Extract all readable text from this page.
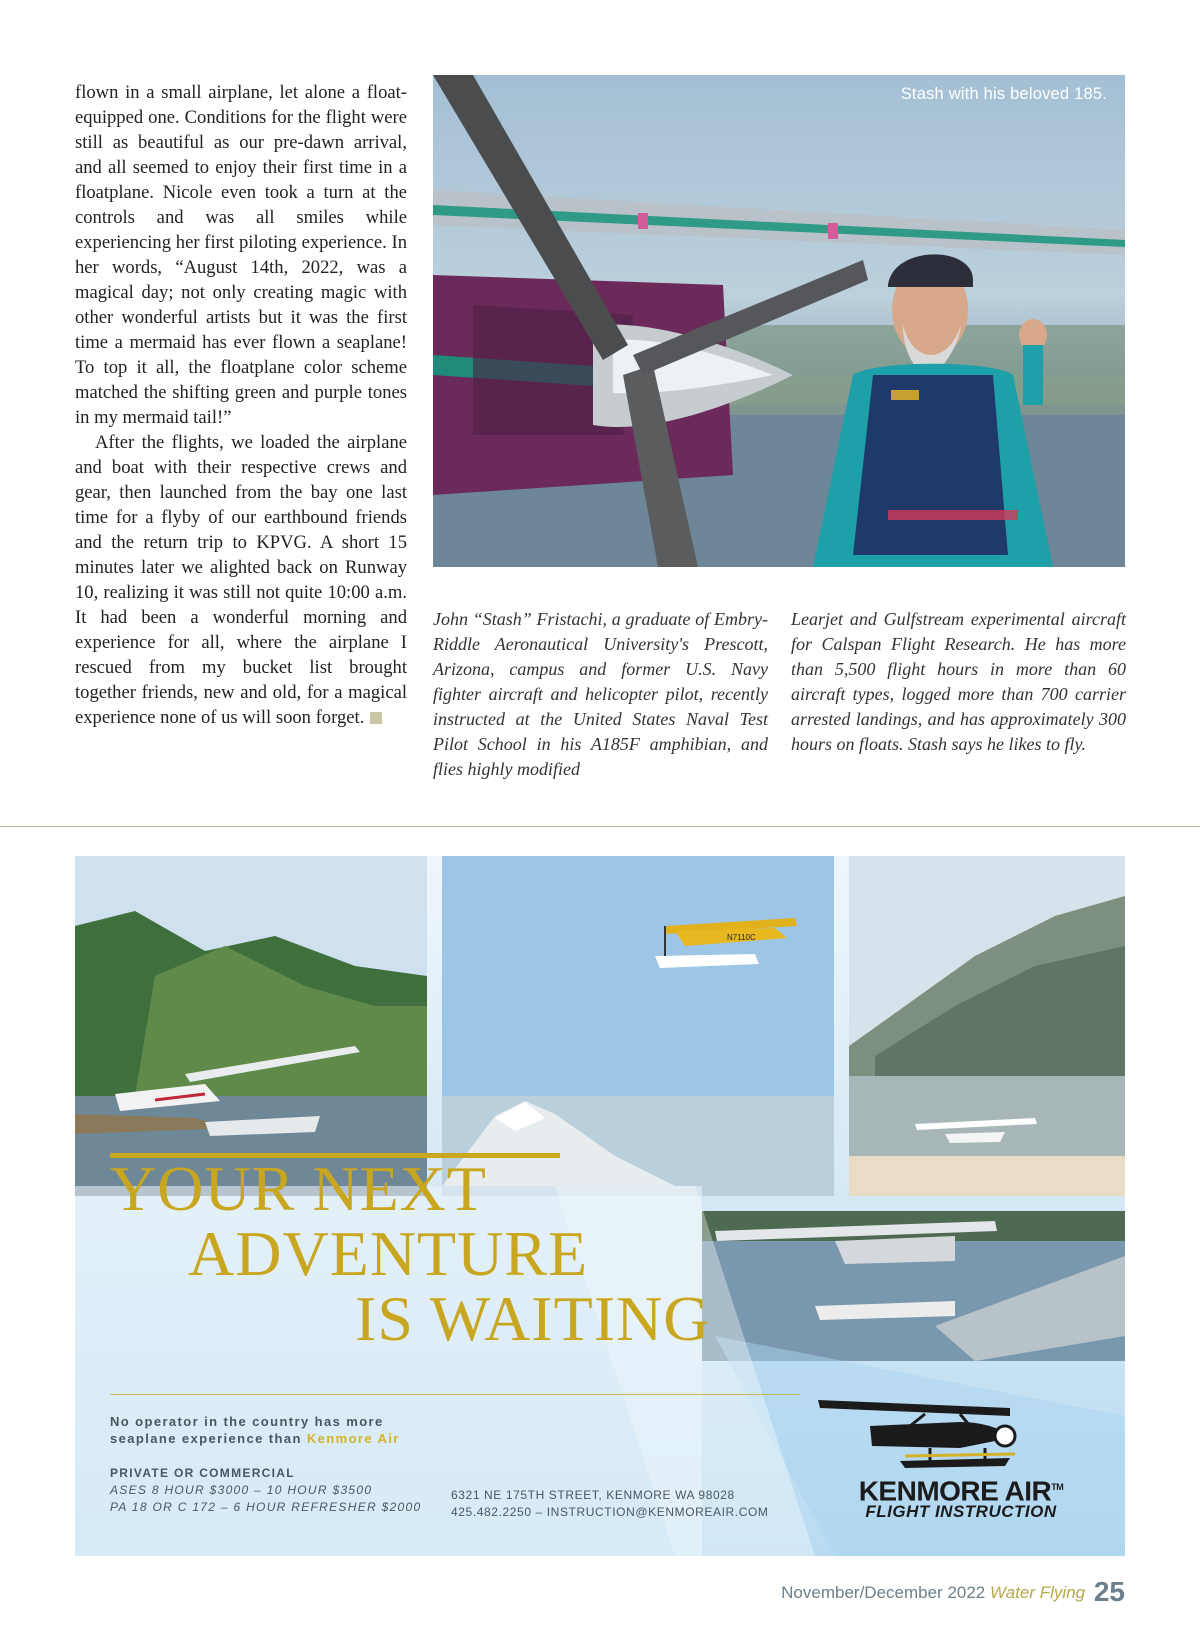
flown in a small airplane, let alone a float-equipped one. Conditions for the flight were still as beautiful as our pre-dawn arrival, and all seemed to enjoy their first time in a floatplane. Nicole even took a turn at the controls and was all smiles while experiencing her first piloting experience. In her words, “August 14th, 2022, was a magical day; not only creating magic with other wonderful artists but it was the first time a mermaid has ever flown a seaplane! To top it all, the floatplane color scheme matched the shifting green and purple tones in my mermaid tail!”

After the flights, we loaded the airplane and boat with their respective crews and gear, then launched from the bay one last time for a flyby of our earthbound friends and the return trip to KPVG. A short 15 minutes later we alighted back on Runway 10, realizing it was still not quite 10:00 a.m. It had been a wonderful morning and experience for all, where the airplane I rescued from my bucket list brought together friends, new and old, for a magical experience none of us will soon forget.

Stash with his beloved 185.
John “Stash” Fristachi, a graduate of Embry-Riddle Aeronautical University's Prescott, Arizona, campus and former U.S. Navy fighter aircraft and helicopter pilot, recently instructed at the United States Naval Test Pilot School in his A185F amphibian, and flies highly modified
Learjet and Gulfstream experimental aircraft for Calspan Flight Research. He has more than 5,500 flight hours in more than 60 aircraft types, logged more than 700 carrier arrested landings, and has approximately 300 hours on floats. Stash says he likes to fly.
N7110C
YOUR NEXT
ADVENTURE
IS WAITING
No operator in the country has more
seaplane experience than Kenmore Air
PRIVATE OR COMMERCIAL
ASES 8 HOUR $3000 – 10 HOUR $3500
PA 18 OR C 172 – 6 HOUR REFRESHER $2000
6321 NE 175TH STREET, KENMORE WA 98028
425.482.2250 – INSTRUCTION@KENMOREAIR.COM
KENMORE AIR™
FLIGHT INSTRUCTION
November/December 2022 Water Flying 25
